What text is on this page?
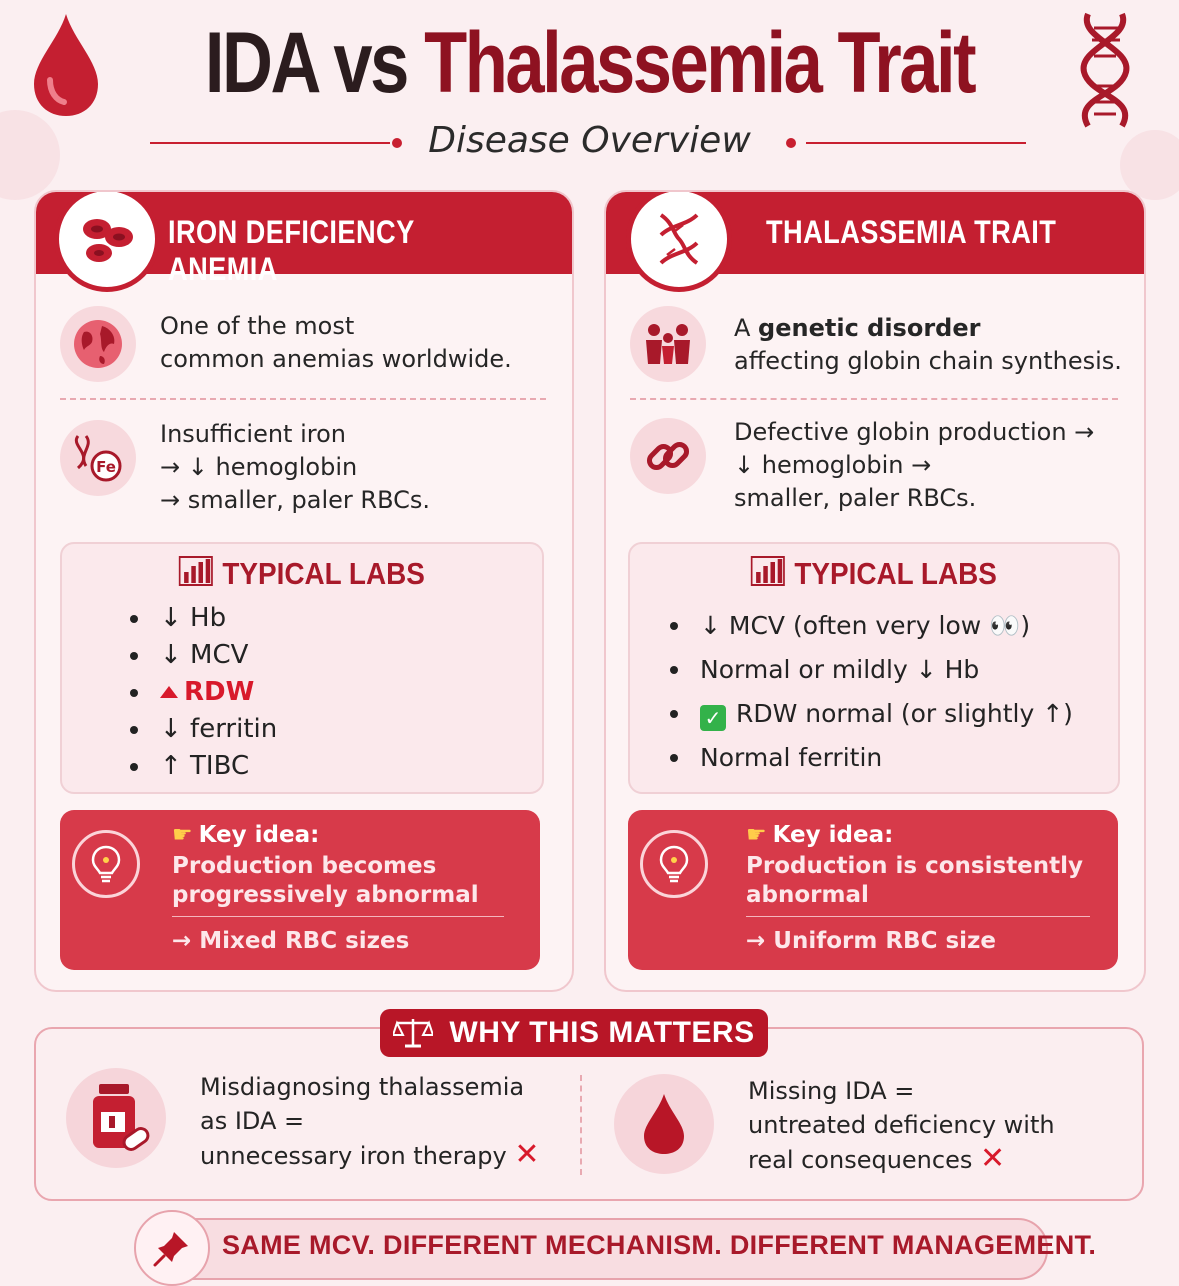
IDA vs Thalassemia Trait
Disease Overview
IRON DEFICIENCY ANEMIA
One of the most
common anemias worldwide.
Fe
Insufficient iron
→ ↓ hemoglobin
→ smaller, paler RBCs.
TYPICAL LABS
↓ Hb
↓ MCV
RDW
↓ ferritin
↑ TIBC
☛ Key idea:
Production becomes
progressively abnormal
→ Mixed RBC sizes
THALASSEMIA TRAIT
A genetic disorder
affecting globin chain synthesis.
Defective globin production →
↓ hemoglobin →
smaller, paler RBCs.
TYPICAL LABS
↓ MCV (often very low 👀)
Normal or mildly ↓ Hb
✓ RDW normal (or slightly ↑)
Normal ferritin
☛ Key idea:
Production is consistently
abnormal
→ Uniform RBC size
WHY THIS MATTERS
Misdiagnosing thalassemia
as IDA =
unnecessary iron therapy ✕
Missing IDA =
untreated deficiency with
real consequences ✕
SAME MCV. DIFFERENT MECHANISM. DIFFERENT MANAGEMENT.
